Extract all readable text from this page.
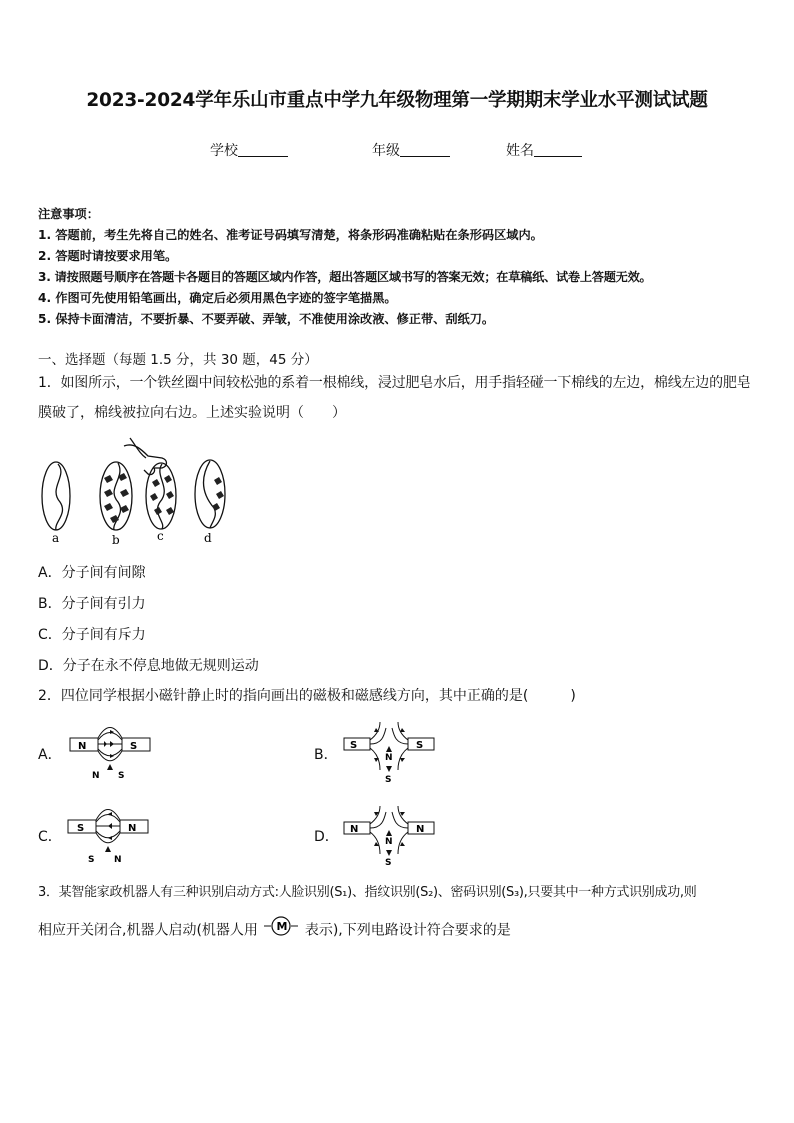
2023-2024学年乐山市重点中学九年级物理第一学期期末学业水平测试试题
学校	年级	姓名
注意事项：
1. 答题前，考生先将自己的姓名、准考证号码填写清楚，将条形码准确粘贴在条形码区域内。
2. 答题时请按要求用笔。
3. 请按照题号顺序在答题卡各题目的答题区域内作答，超出答题区域书写的答案无效；在草稿纸、试卷上答题无效。
4. 作图可先使用铅笔画出，确定后必须用黑色字迹的签字笔描黑。
5. 保持卡面清洁，不要折暴、不要弄破、弄皱，不准使用涂改液、修正带、刮纸刀。
一、选择题（每题 1.5 分，共 30 题，45 分）
1．如图所示，一个铁丝圈中间较松弛的系着一根棉线，浸过肥皂水后，用手指轻碰一下棉线的左边，棉线左边的肥皂
膜破了，棉线被拉向右边。上述实验说明（　　）
a	b	c	d
A．分子间有间隙
B．分子间有引力
C．分子间有斥力
D．分子在永不停息地做无规则运动
2．四位同学根据小磁针静止时的指向画出的磁极和磁感线方向，其中正确的是(　　　)
A．	B．
C．	D．
N	S
N S
S	S
N
S
S	N
S N
N	N
N
S
3．某智能家政机器人有三种识别启动方式:人脸识别(S₁)、指纹识别(S₂)、密码识别(S₃),只要其中一种方式识别成功,则
相应开关闭合,机器人启动(机器人用 M 表示),下列电路设计符合要求的是
